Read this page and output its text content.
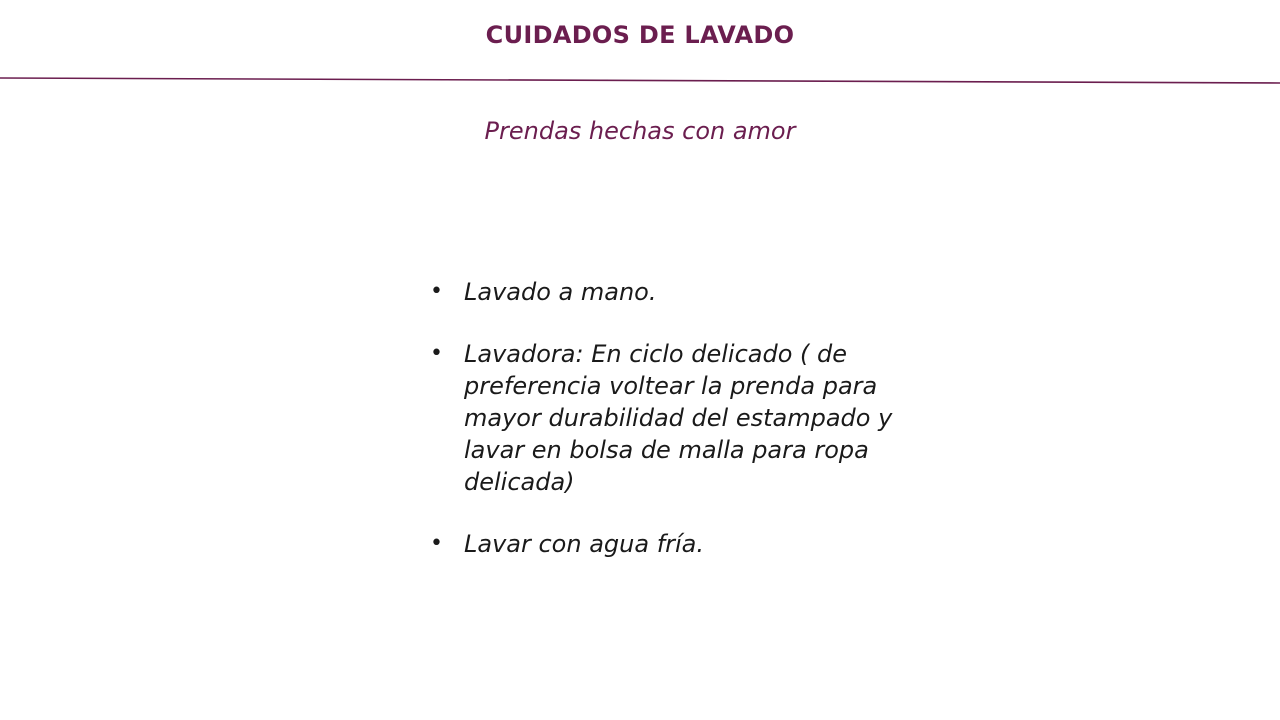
CUIDADOS DE LAVADO
Prendas hechas con amor
• Lavado a mano.
• Lavadora: En ciclo delicado ( de preferencia voltear la prenda para mayor durabilidad del estampado y lavar en bolsa de malla para ropa delicada)
• Lavar con agua fría.
